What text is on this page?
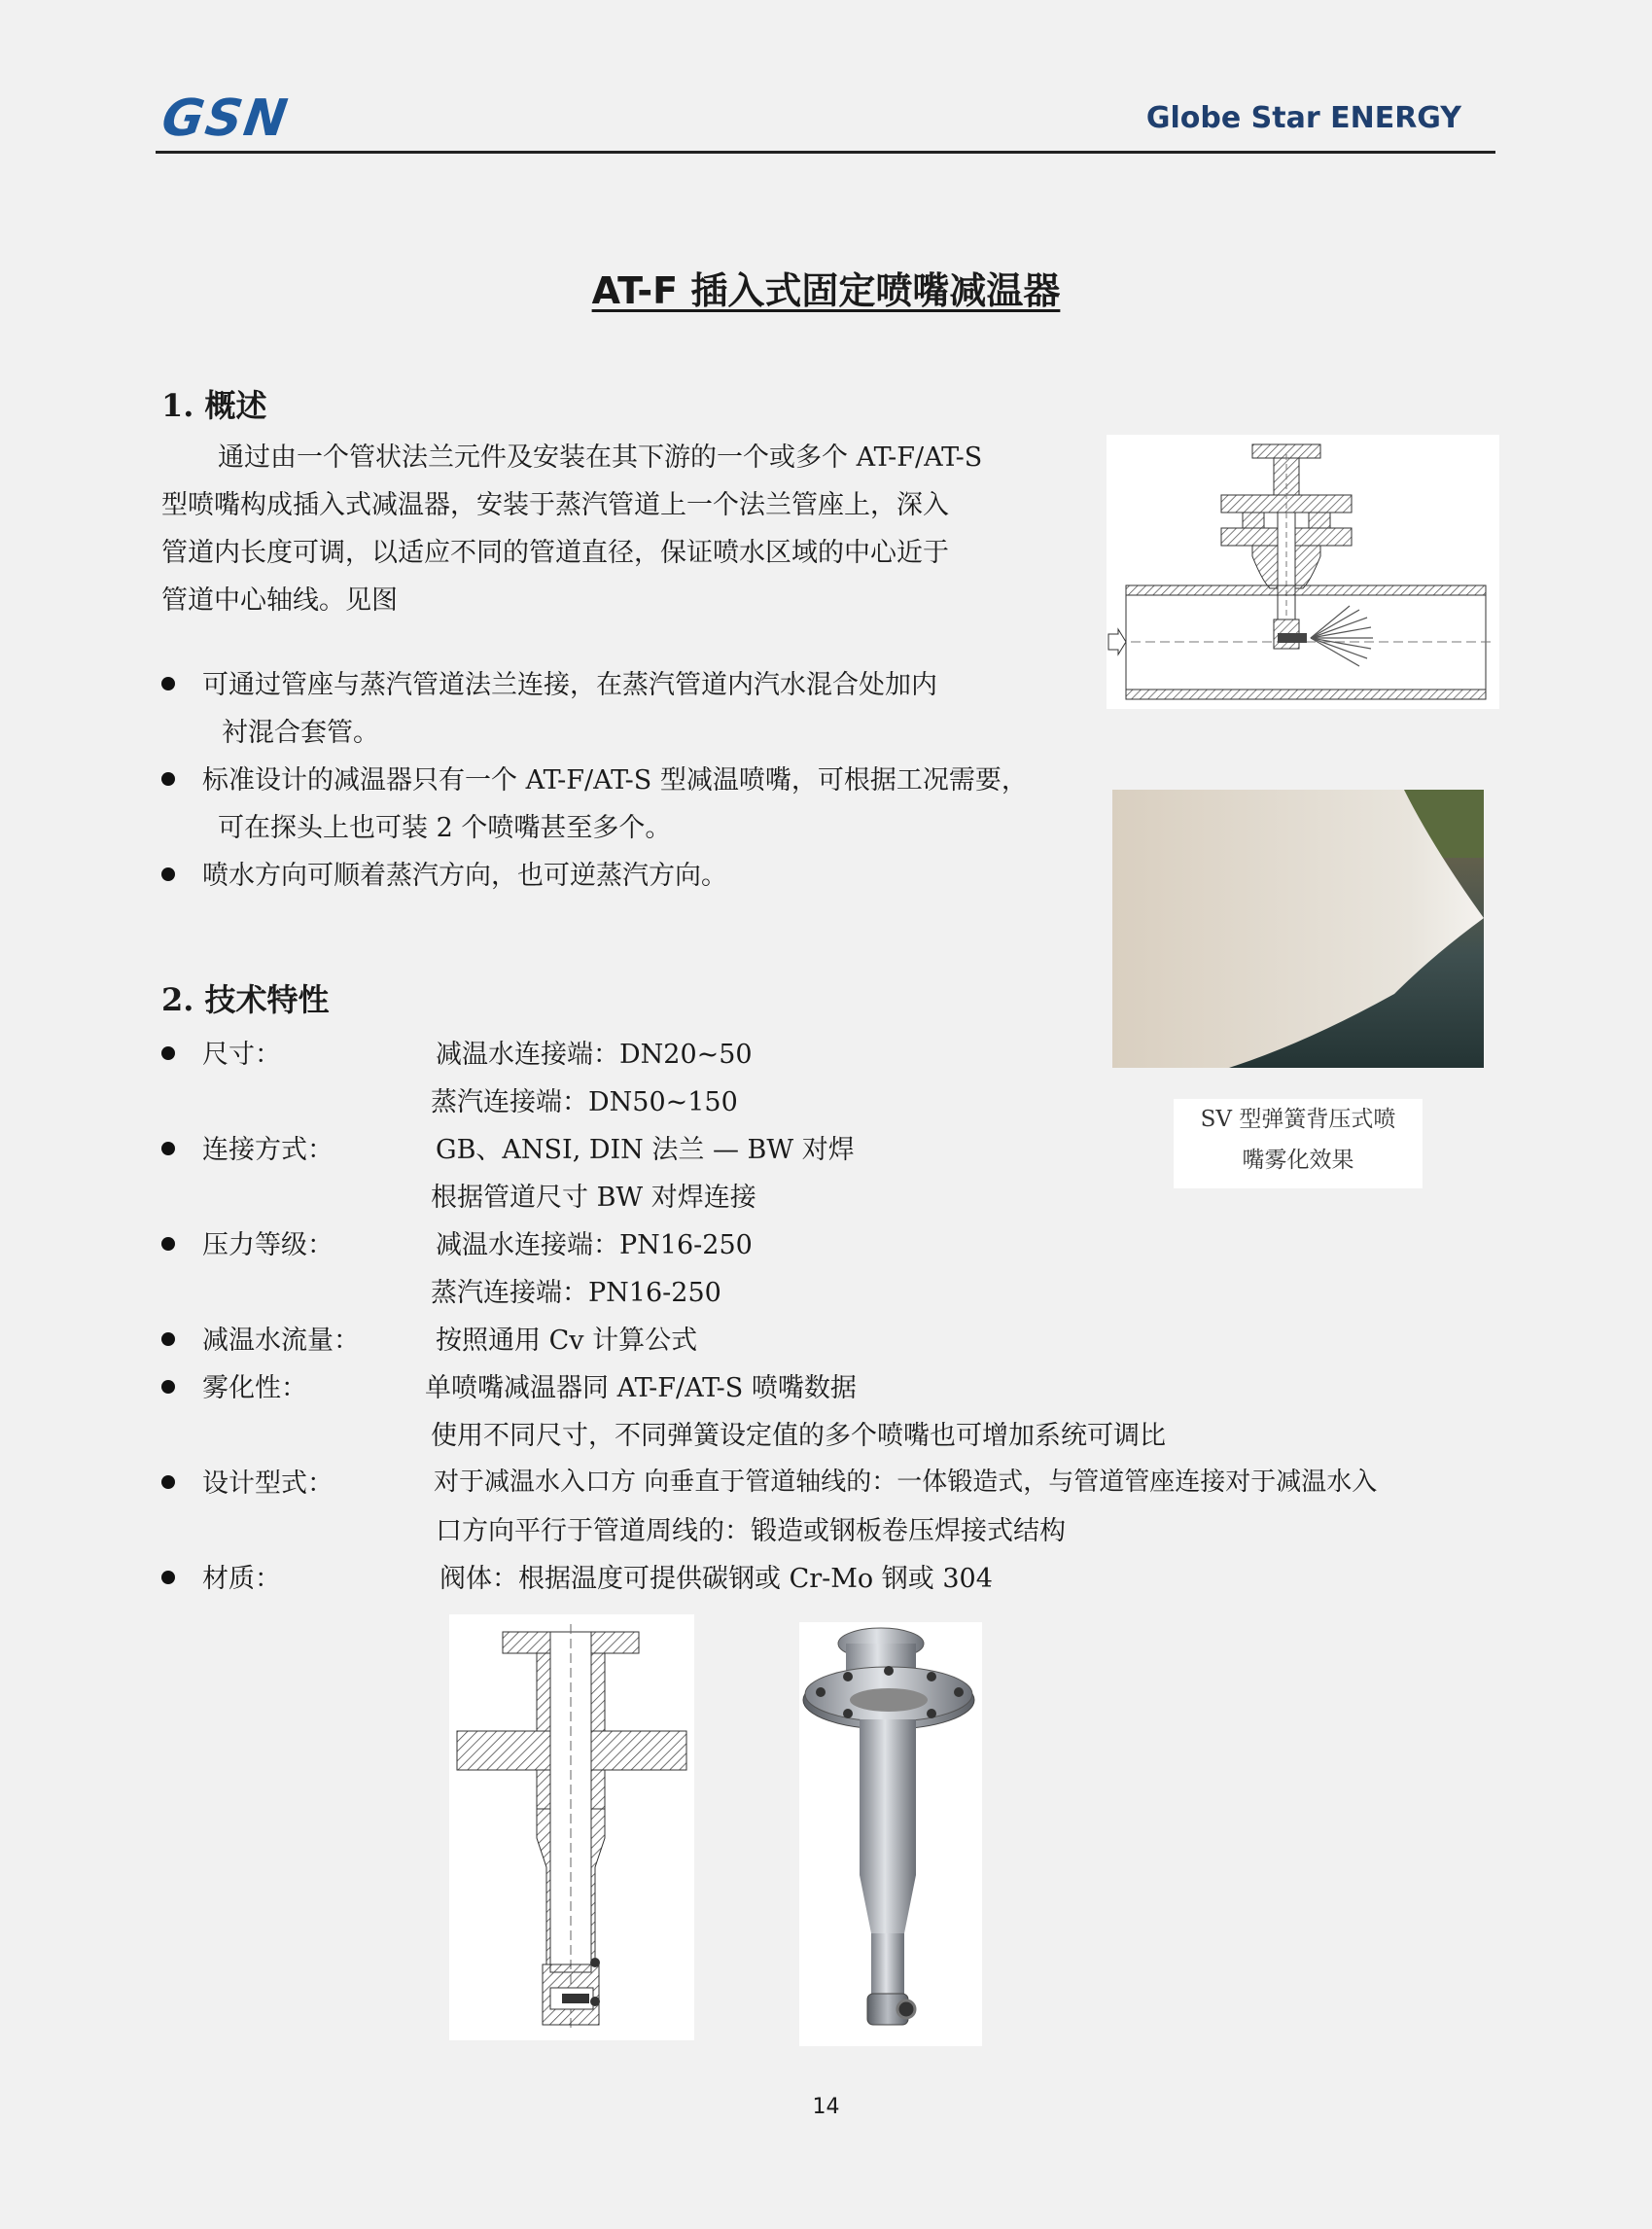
GSN	Globe Star ENERGY
AT-F 插入式固定喷嘴减温器
1. 概述
通过由一个管状法兰元件及安装在其下游的一个或多个 AT-F/AT-S
型喷嘴构成插入式减温器，安装于蒸汽管道上一个法兰管座上，深入
管道内长度可调，以适应不同的管道直径，保证喷水区域的中心近于
管道中心轴线。见图
可通过管座与蒸汽管道法兰连接，在蒸汽管道内汽水混合处加内
衬混合套管。
标准设计的减温器只有一个 AT-F/AT-S 型减温喷嘴，可根据工况需要，
可在探头上也可装 2 个喷嘴甚至多个。
喷水方向可顺着蒸汽方向，也可逆蒸汽方向。
SV 型弹簧背压式喷
嘴雾化效果
2. 技术特性
尺寸：	减温水连接端：DN20~50
蒸汽连接端：DN50~150
连接方式：	GB、ANSI, DIN 法兰 — BW 对焊
根据管道尺寸 BW 对焊连接
压力等级：	减温水连接端：PN16-250
蒸汽连接端：PN16-250
减温水流量：	按照通用 Cv 计算公式
雾化性：	单喷嘴减温器同 AT-F/AT-S 喷嘴数据
使用不同尺寸，不同弹簧设定值的多个喷嘴也可增加系统可调比
设计型式：	对于减温水入口方 向垂直于管道轴线的：一体锻造式，与管道管座连接对于减温水入
口方向平行于管道周线的：锻造或钢板卷压焊接式结构
材质：	阀体：根据温度可提供碳钢或 Cr-Mo 钢或 304
14
